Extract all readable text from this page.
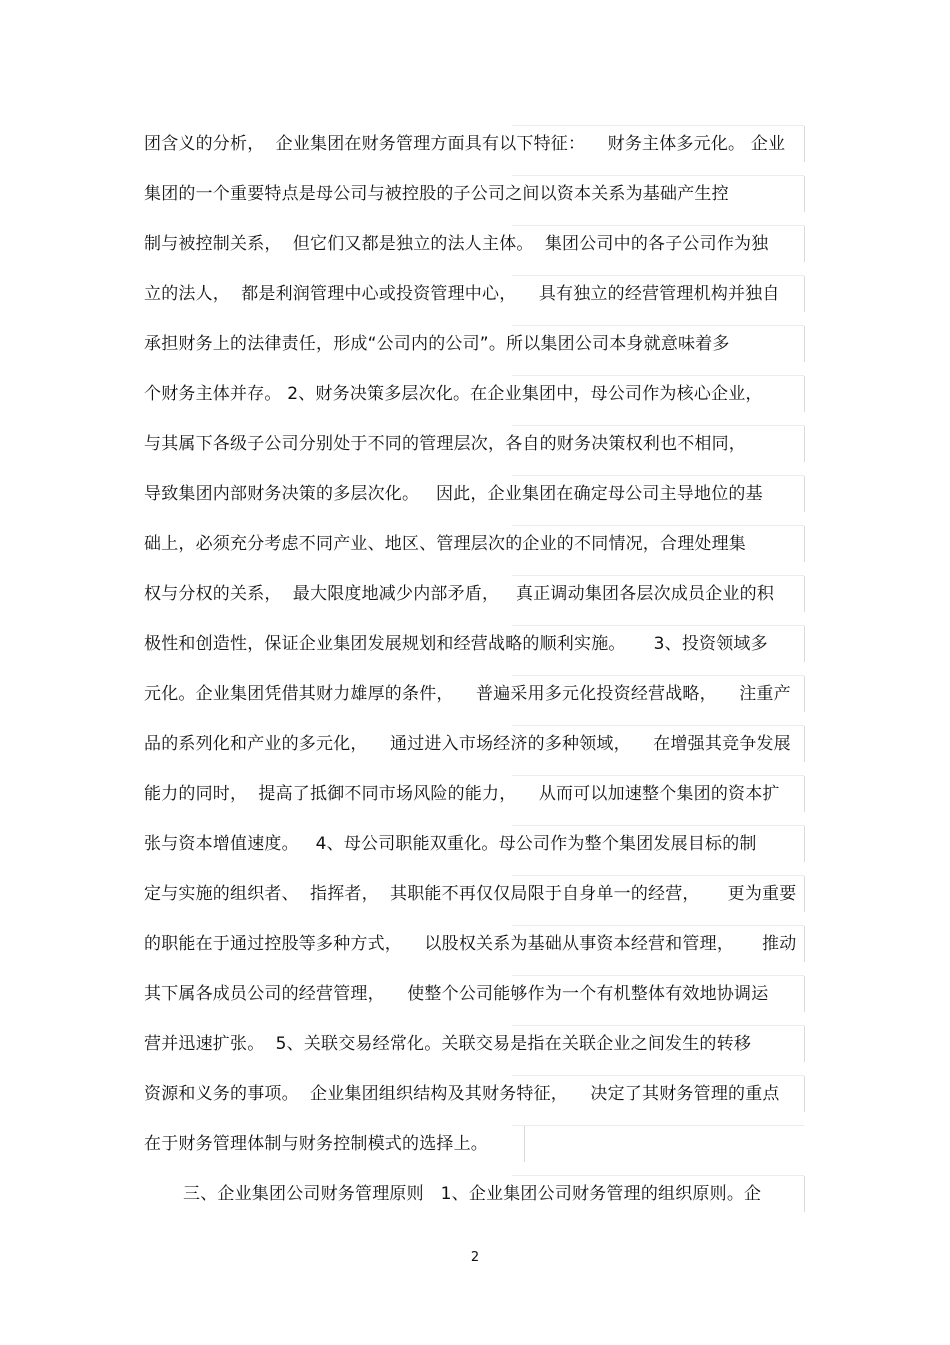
团含义的分析，  企业集团在财务管理方面具有以下特征：    财务主体多元化。 企业
集团的一个重要特点是母公司与被控股的子公司之间以资本关系为基础产生控
制与被控制关系，  但它们又都是独立的法人主体。  集团公司中的各子公司作为独
立的法人，  都是利润管理中心或投资管理中心，    具有独立的经营管理机构并独自
承担财务上的法律责任，形成“公司内的公司”。所以集团公司本身就意味着多
个财务主体并存。 2、财务决策多层次化。在企业集团中，母公司作为核心企业，
与其属下各级子公司分别处于不同的管理层次，各自的财务决策权利也不相同，
导致集团内部财务决策的多层次化。   因此，企业集团在确定母公司主导地位的基
础上，必须充分考虑不同产业、地区、管理层次的企业的不同情况，合理处理集
权与分权的关系，  最大限度地减少内部矛盾，   真正调动集团各层次成员企业的积
极性和创造性，保证企业集团发展规划和经营战略的顺利实施。     3、投资领域多
元化。企业集团凭借其财力雄厚的条件，    普遍采用多元化投资经营战略，    注重产
品的系列化和产业的多元化，    通过进入市场经济的多种领域，    在增强其竞争发展
能力的同时，  提高了抵御不同市场风险的能力，    从而可以加速整个集团的资本扩
张与资本增值速度。   4、母公司职能双重化。母公司作为整个集团发展目标的制
定与实施的组织者、  指挥者，  其职能不再仅仅局限于自身单一的经营，     更为重要
的职能在于通过控股等多种方式，    以股权关系为基础从事资本经营和管理，     推动
其下属各成员公司的经营管理，    使整个公司能够作为一个有机整体有效地协调运
营并迅速扩张。  5、关联交易经常化。关联交易是指在关联企业之间发生的转移
资源和义务的事项。  企业集团组织结构及其财务特征，    决定了其财务管理的重点
在于财务管理体制与财务控制模式的选择上。
三、企业集团公司财务管理原则   1、企业集团公司财务管理的组织原则。企
2
